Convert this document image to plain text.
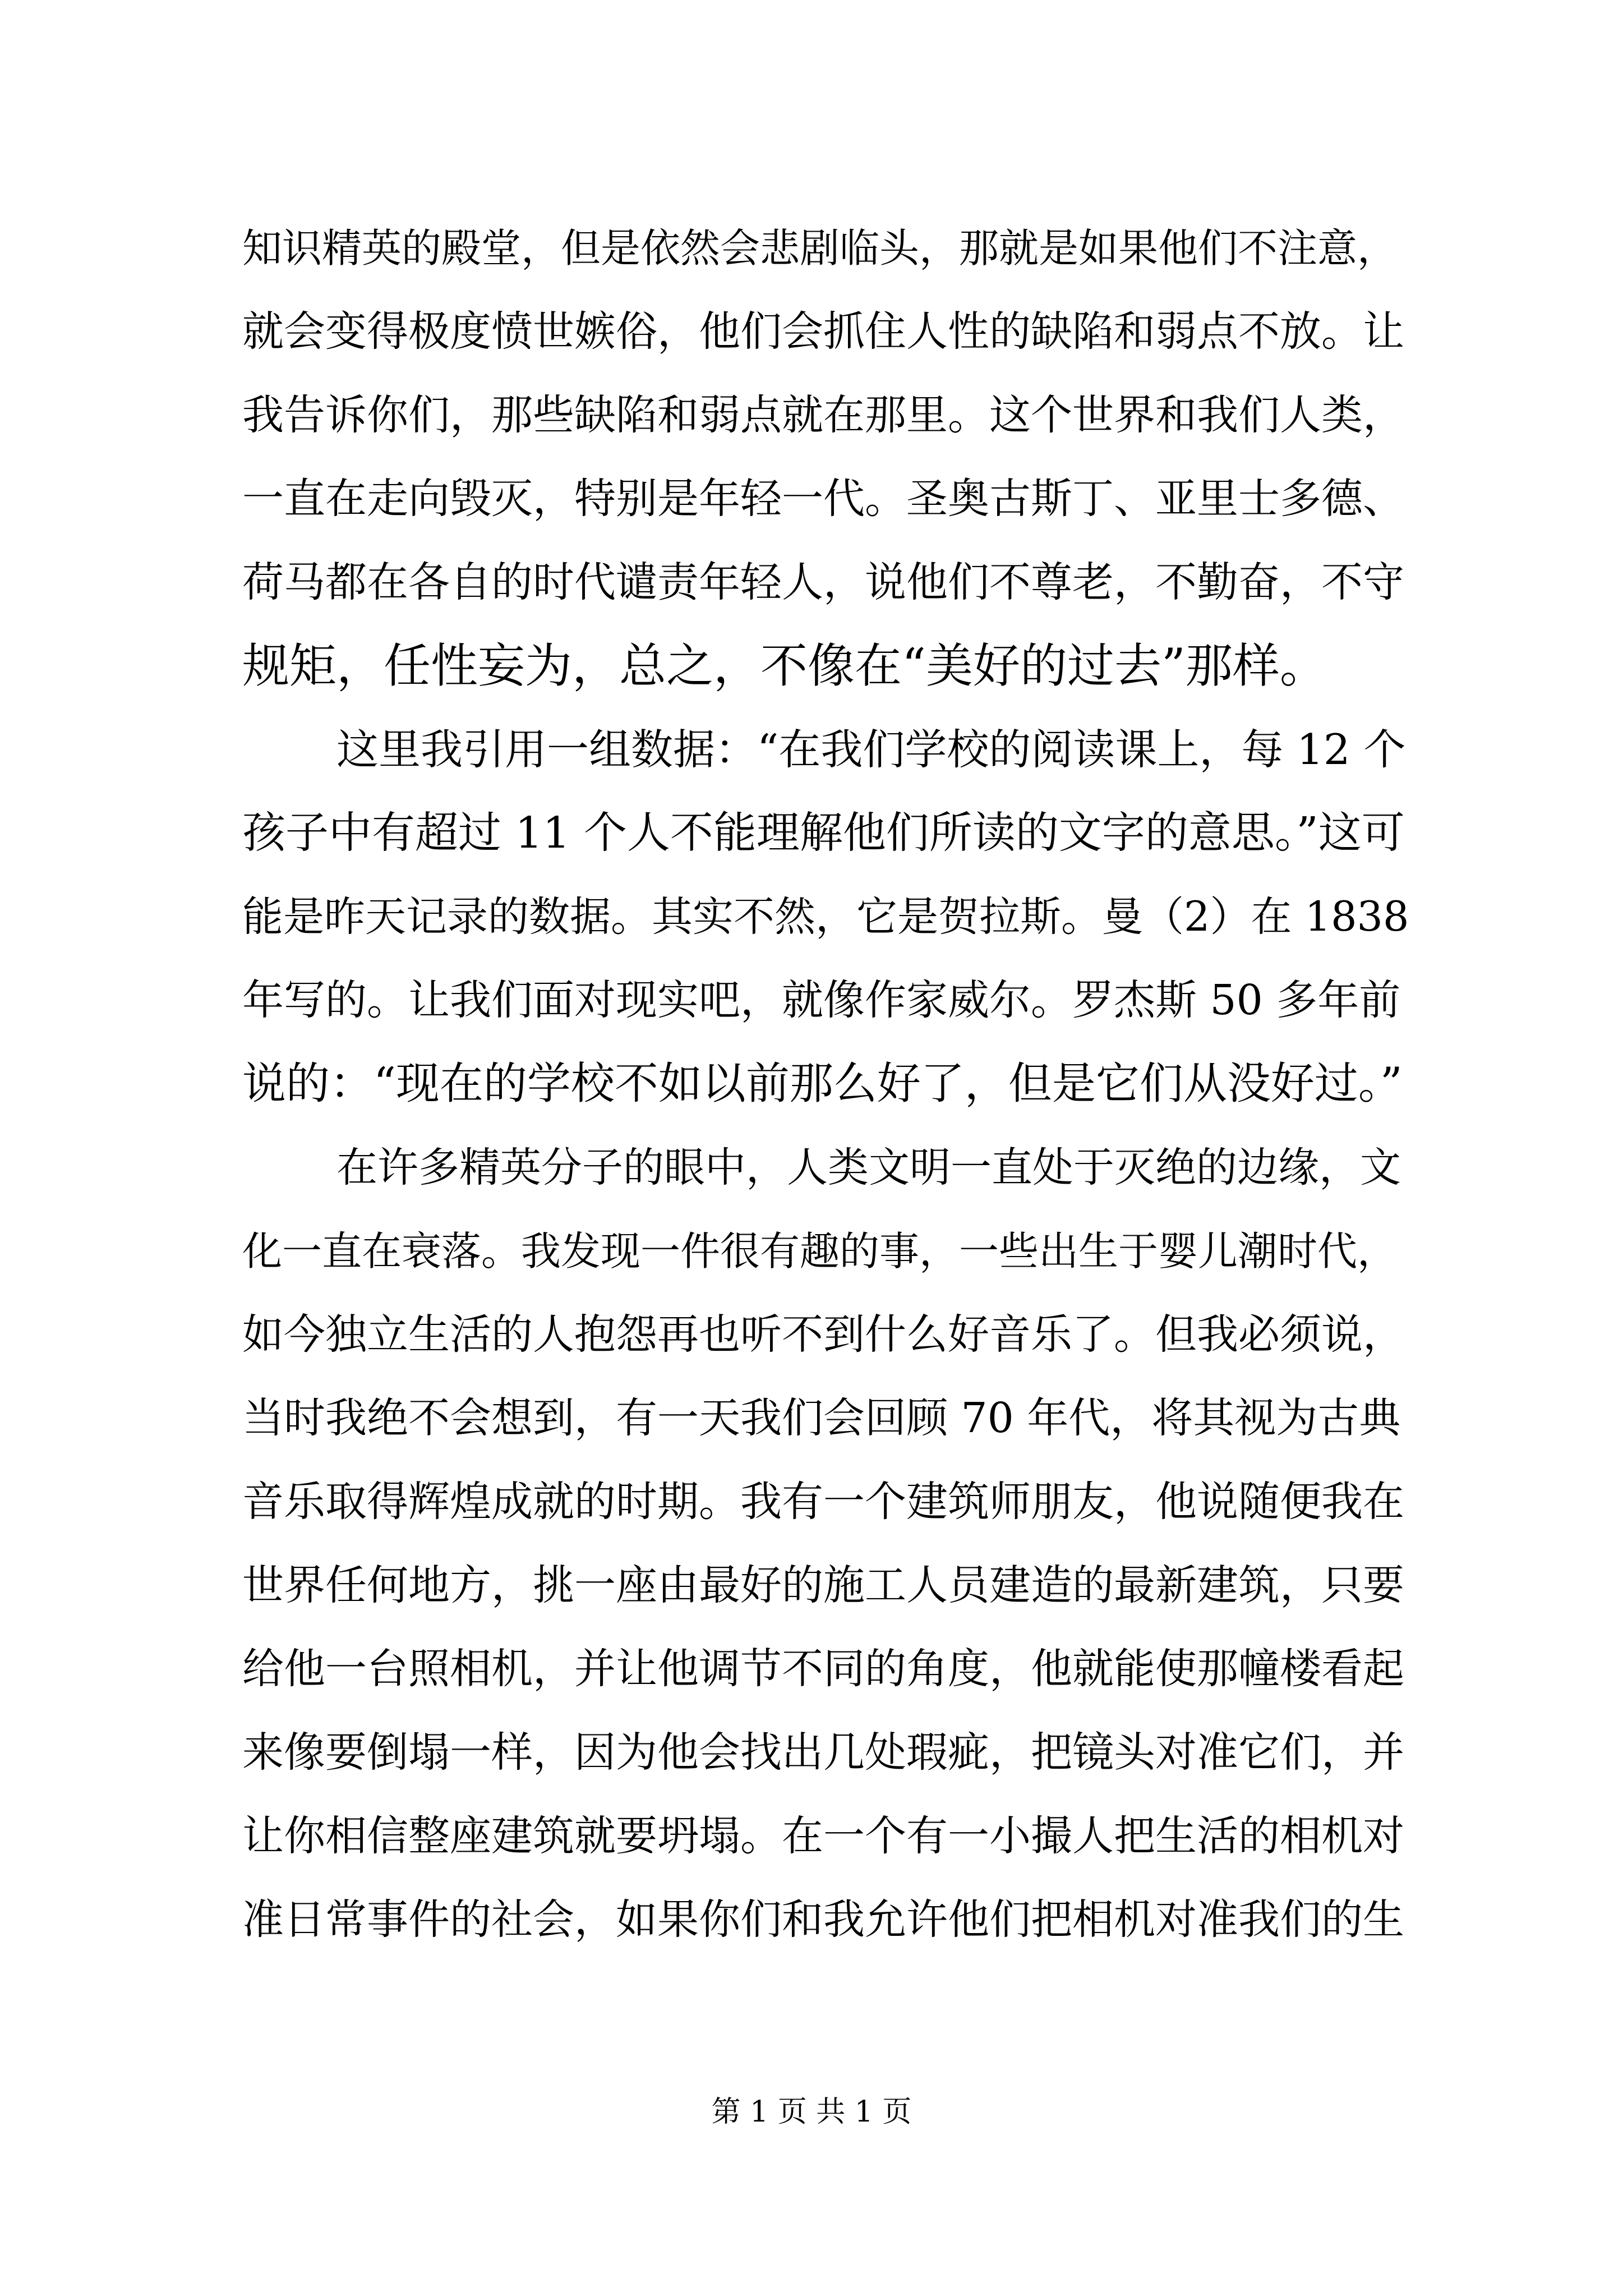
知识精英的殿堂，但是依然会悲剧临头，那就是如果他们不注意，
就会变得极度愤世嫉俗，他们会抓住人性的缺陷和弱点不放。让
我告诉你们，那些缺陷和弱点就在那里。这个世界和我们人类，
一直在走向毁灭，特别是年轻一代。圣奥古斯丁、亚里士多德、
荷马都在各自的时代谴责年轻人，说他们不尊老，不勤奋，不守
规矩，任性妄为，总之，不像在“美好的过去”那样。
这里我引用一组数据：“在我们学校的阅读课上，每 12 个
孩子中有超过 11 个人不能理解他们所读的文字的意思。”这可
能是昨天记录的数据。其实不然，它是贺拉斯。曼（2）在 1838
年写的。让我们面对现实吧，就像作家威尔。罗杰斯 50 多年前
说的：“现在的学校不如以前那么好了，但是它们从没好过。”
在许多精英分子的眼中，人类文明一直处于灭绝的边缘，文
化一直在衰落。我发现一件很有趣的事，一些出生于婴儿潮时代，
如今独立生活的人抱怨再也听不到什么好音乐了。但我必须说，
当时我绝不会想到，有一天我们会回顾 70 年代，将其视为古典
音乐取得辉煌成就的时期。我有一个建筑师朋友，他说随便我在
世界任何地方，挑一座由最好的施工人员建造的最新建筑，只要
给他一台照相机，并让他调节不同的角度，他就能使那幢楼看起
来像要倒塌一样，因为他会找出几处瑕疵，把镜头对准它们，并
让你相信整座建筑就要坍塌。在一个有一小撮人把生活的相机对
准日常事件的社会，如果你们和我允许他们把相机对准我们的生
第 1 页 共 1 页
